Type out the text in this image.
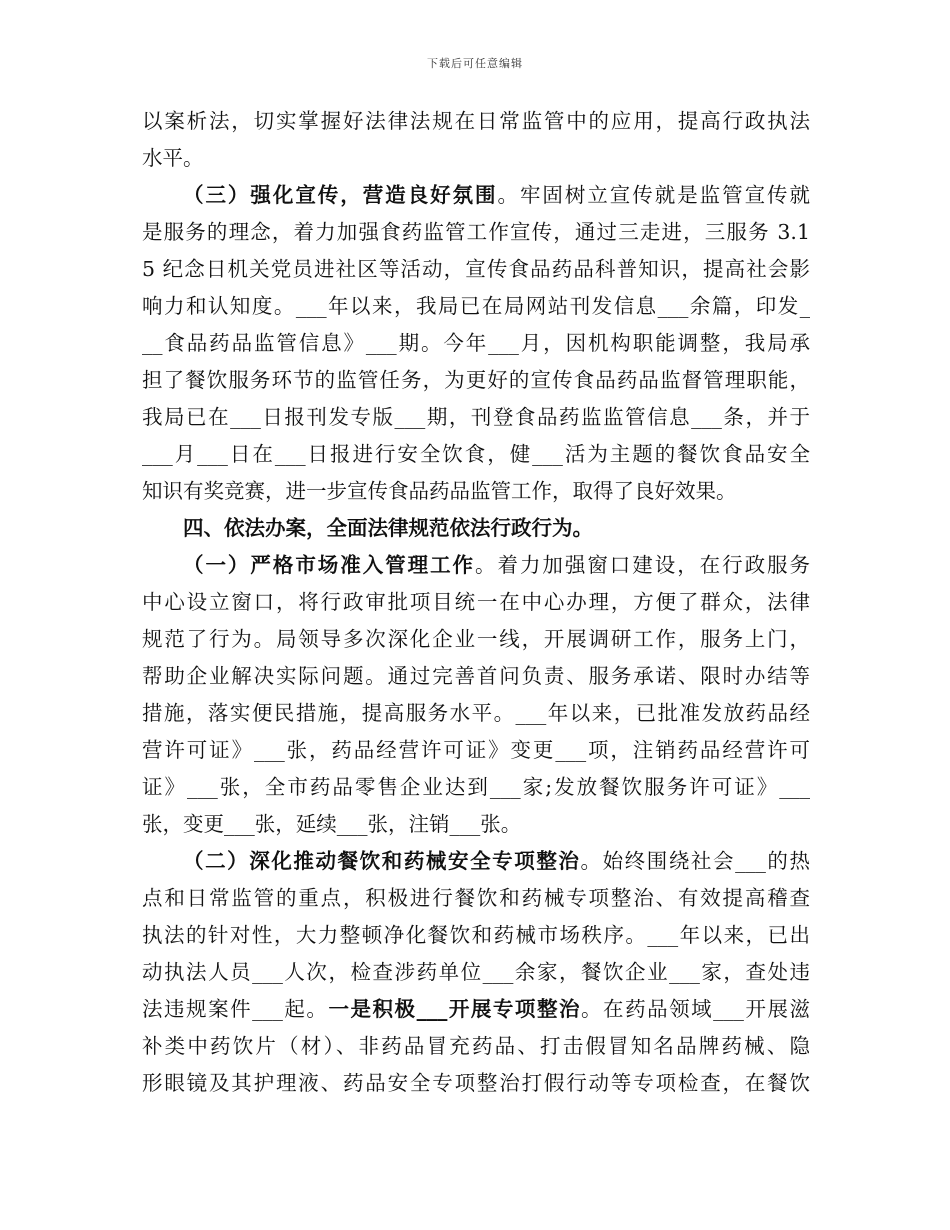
下载后可任意编辑
以案析法，切实掌握好法律法规在日常监管中的应用，提高行政执法
水平。
（三）强化宣传，营造良好氛围。牢固树立宣传就是监管宣传就
是服务的理念，着力加强食药监管工作宣传，通过三走进，三服务 3.1
5 纪念日机关党员进社区等活动，宣传食品药品科普知识，提高社会影
响力和认知度。___年以来，我局已在局网站刊发信息___余篇，印发_
__食品药品监管信息》___期。今年___月，因机构职能调整，我局承
担了餐饮服务环节的监管任务，为更好的宣传食品药品监督管理职能，
我局已在___日报刊发专版___期，刊登食品药监监管信息___条，并于
___月___日在___日报进行安全饮食，健___活为主题的餐饮食品安全
知识有奖竞赛，进一步宣传食品药品监管工作，取得了良好效果。
四、依法办案，全面法律规范依法行政行为。
（一）严格市场准入管理工作。着力加强窗口建设，在行政服务
中心设立窗口，将行政审批项目统一在中心办理，方便了群众，法律
规范了行为。局领导多次深化企业一线，开展调研工作，服务上门，
帮助企业解决实际问题。通过完善首问负责、服务承诺、限时办结等
措施，落实便民措施，提高服务水平。___年以来，已批准发放药品经
营许可证》___张，药品经营许可证》变更___项，注销药品经营许可
证》___张，全市药品零售企业达到___家;发放餐饮服务许可证》___
张，变更___张，延续___张，注销___张。
（二）深化推动餐饮和药械安全专项整治。始终围绕社会___的热
点和日常监管的重点，积极进行餐饮和药械专项整治、有效提高稽查
执法的针对性，大力整顿净化餐饮和药械市场秩序。___年以来，已出
动执法人员___人次，检查涉药单位___余家，餐饮企业___家，查处违
法违规案件___起。一是积极___开展专项整治。在药品领域___开展滋
补类中药饮片（材）、非药品冒充药品、打击假冒知名品牌药械、隐
形眼镜及其护理液、药品安全专项整治打假行动等专项检查，在餐饮
